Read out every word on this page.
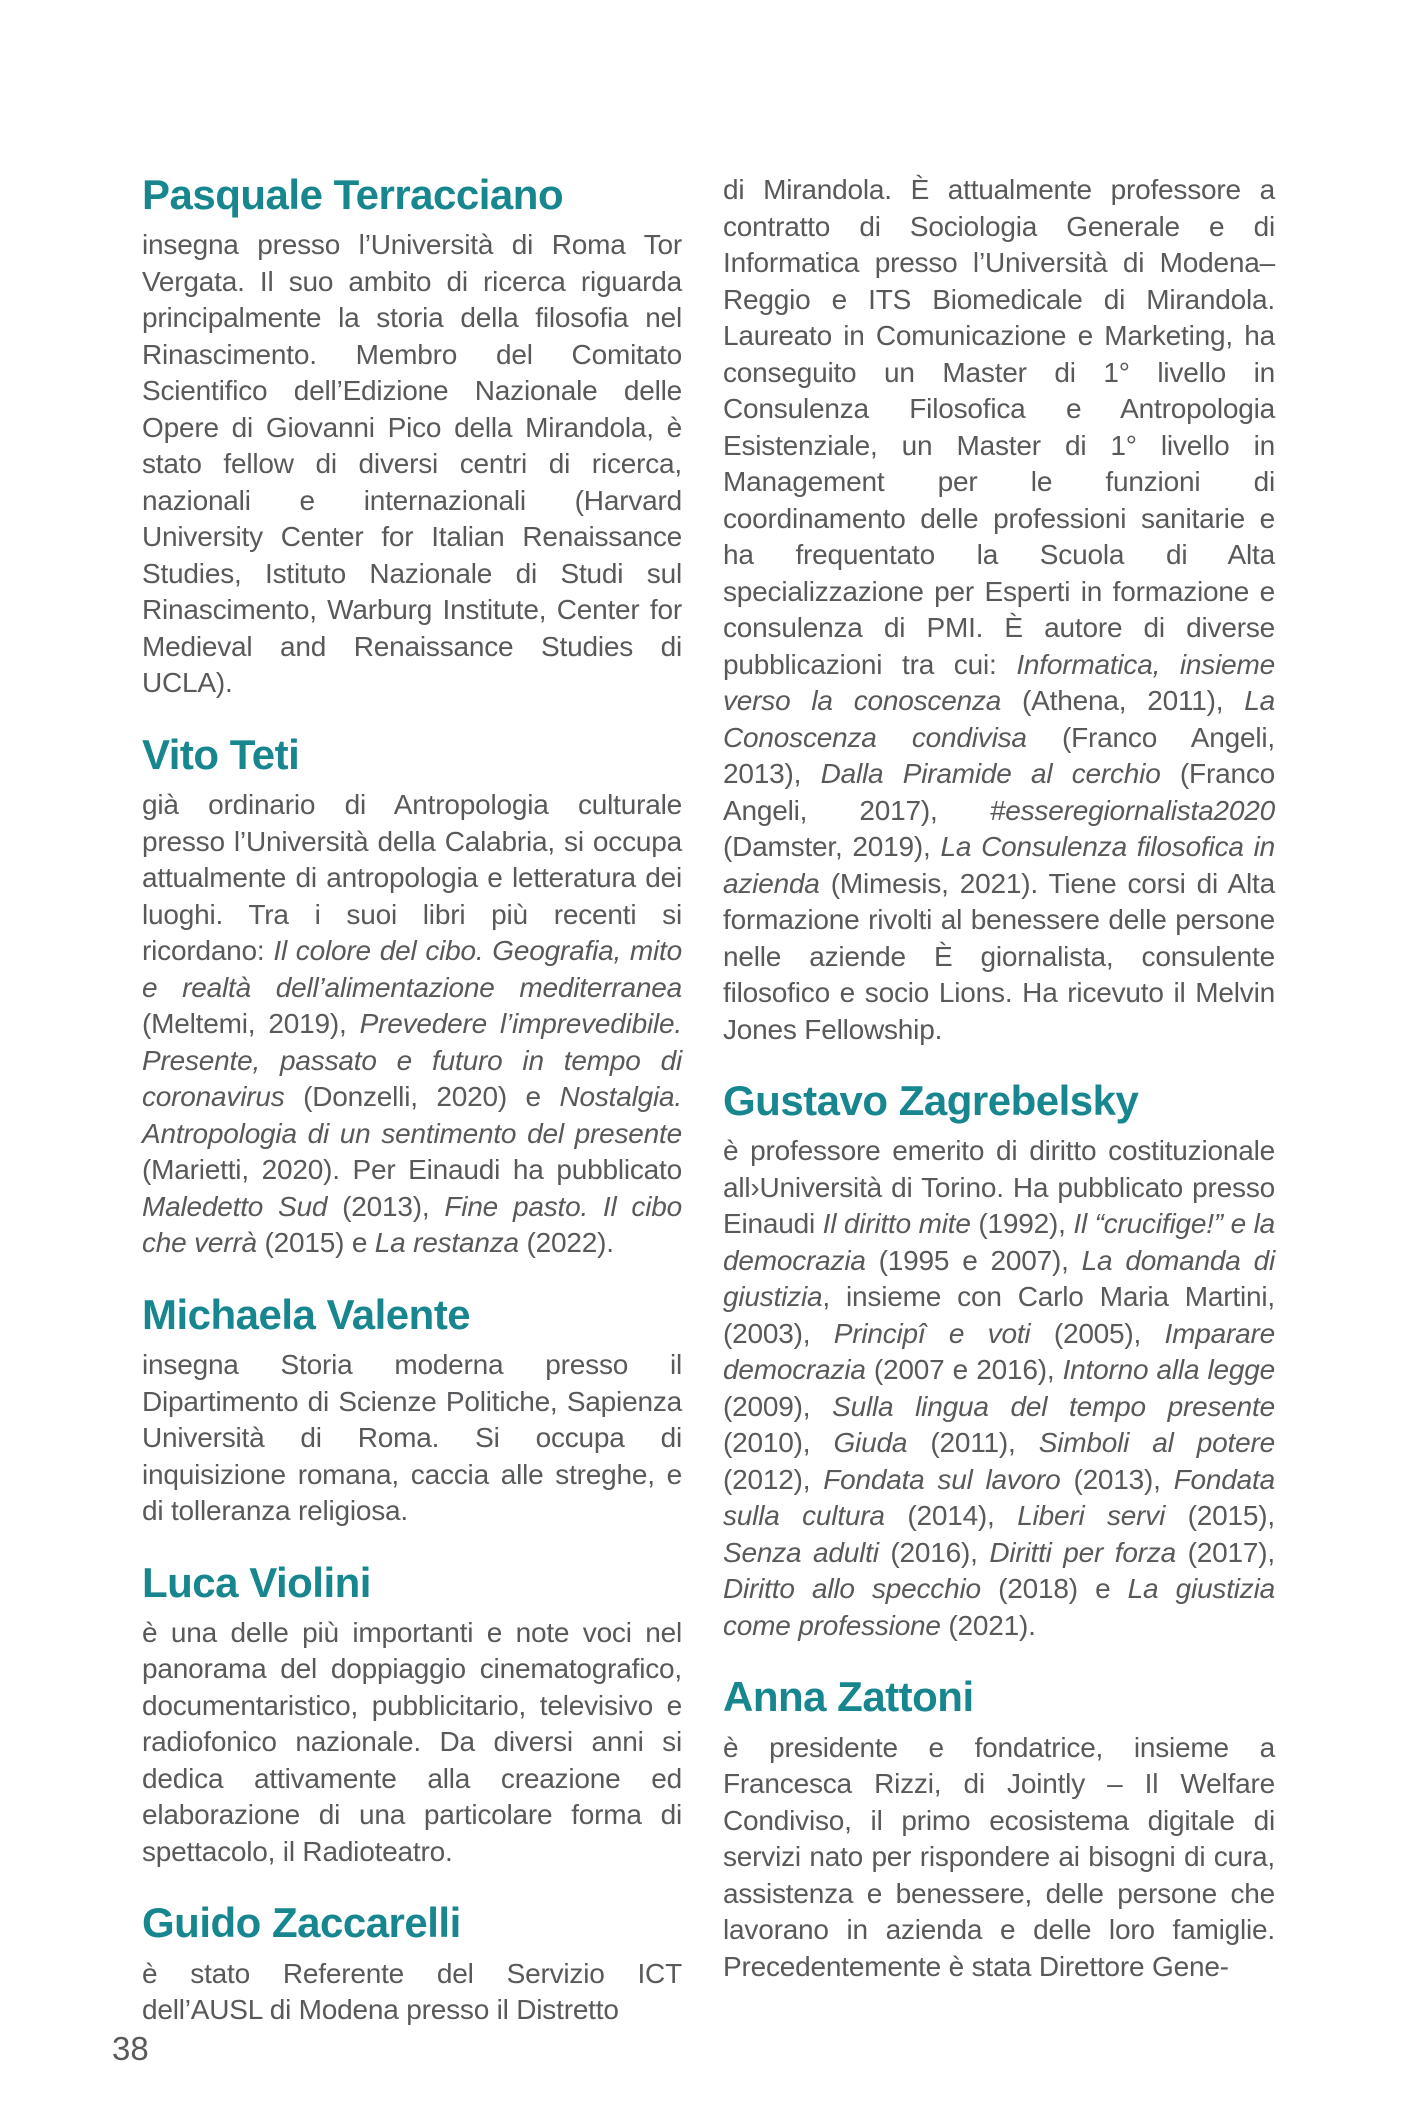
Pasquale Terracciano

insegna presso l’Università di Roma Tor Vergata. Il suo ambito di ricerca riguarda principalmente la storia della filosofia nel Rinascimento. Membro del Comitato Scientifico dell’Edizione Nazionale delle Opere di Giovanni Pico della Mirandola, è stato fellow di diversi centri di ricerca, nazionali e internazionali (Harvard University Center for Italian Renaissance Studies, Istituto Nazionale di Studi sul Rinascimento, Warburg Institute, Center for Medieval and Renaissance Studies di UCLA).

Vito Teti

già ordinario di Antropologia culturale presso l’Università della Calabria, si occupa attualmente di antropologia e letteratura dei luoghi. Tra i suoi libri più recenti si ricordano: Il colore del cibo. Geografia, mito e realtà dell’alimentazione mediterranea (Meltemi, 2019), Prevedere l’imprevedibile. Presente, passato e futuro in tempo di coronavirus (Donzelli, 2020) e Nostalgia. Antropologia di un sentimento del presente (Marietti, 2020). Per Einaudi ha pubblicato Maledetto Sud (2013), Fine pasto. Il cibo che verrà (2015) e La restanza (2022).

Michaela Valente

insegna Storia moderna presso il Dipartimento di Scienze Politiche, Sapienza Università di Roma. Si occupa di inquisizione romana, caccia alle streghe, e di tolleranza religiosa.

Luca Violini

è una delle più importanti e note voci nel panorama del doppiaggio cinematografico, documentaristico, pubblicitario, televisivo e radiofonico nazionale. Da diversi anni si dedica attivamente alla creazione ed elaborazione di una particolare forma di spettacolo, il Radioteatro.

Guido Zaccarelli

è stato Referente del Servizio ICT dell’AUSL di Modena presso il Distretto

di Mirandola. È attualmente professore a contratto di Sociologia Generale e di Informatica presso l’Università di Modena–Reggio e ITS Biomedicale di Mirandola. Laureato in Comunicazione e Marketing, ha conseguito un Master di 1° livello in Consulenza Filosofica e Antropologia Esistenziale, un Master di 1° livello in Management per le funzioni di coordinamento delle professioni sanitarie e ha frequentato la Scuola di Alta specializzazione per Esperti in formazione e consulenza di PMI. È autore di diverse pubblicazioni tra cui: Informatica, insieme verso la conoscenza (Athena, 2011), La Conoscenza condivisa (Franco Angeli, 2013), Dalla Piramide al cerchio (Franco Angeli, 2017), #esseregiornalista2020 (Damster, 2019), La Consulenza filosofica in azienda (Mimesis, 2021). Tiene corsi di Alta formazione rivolti al benessere delle persone nelle aziende È giornalista, consulente filosofico e socio Lions. Ha ricevuto il Melvin Jones Fellowship.

Gustavo Zagrebelsky

è professore emerito di diritto costituzionale all›Università di Torino. Ha pubblicato presso Einaudi Il diritto mite (1992), Il “crucifige!” e la democrazia (1995 e 2007), La domanda di giustizia, insieme con Carlo Maria Martini, (2003), Principî e voti (2005), Imparare democrazia (2007 e 2016), Intorno alla legge (2009), Sulla lingua del tempo presente (2010), Giuda (2011), Simboli al potere (2012), Fondata sul lavoro (2013), Fondata sulla cultura (2014), Liberi servi (2015), Senza adulti (2016), Diritti per forza (2017), Diritto allo specchio (2018) e La giustizia come professione (2021).

Anna Zattoni

è presidente e fondatrice, insieme a Francesca Rizzi, di Jointly – Il Welfare Condiviso, il primo ecosistema digitale di servizi nato per rispondere ai bisogni di cura, assistenza e benessere, delle persone che lavorano in azienda e delle loro famiglie. Precedentemente è stata Direttore Gene-

38
